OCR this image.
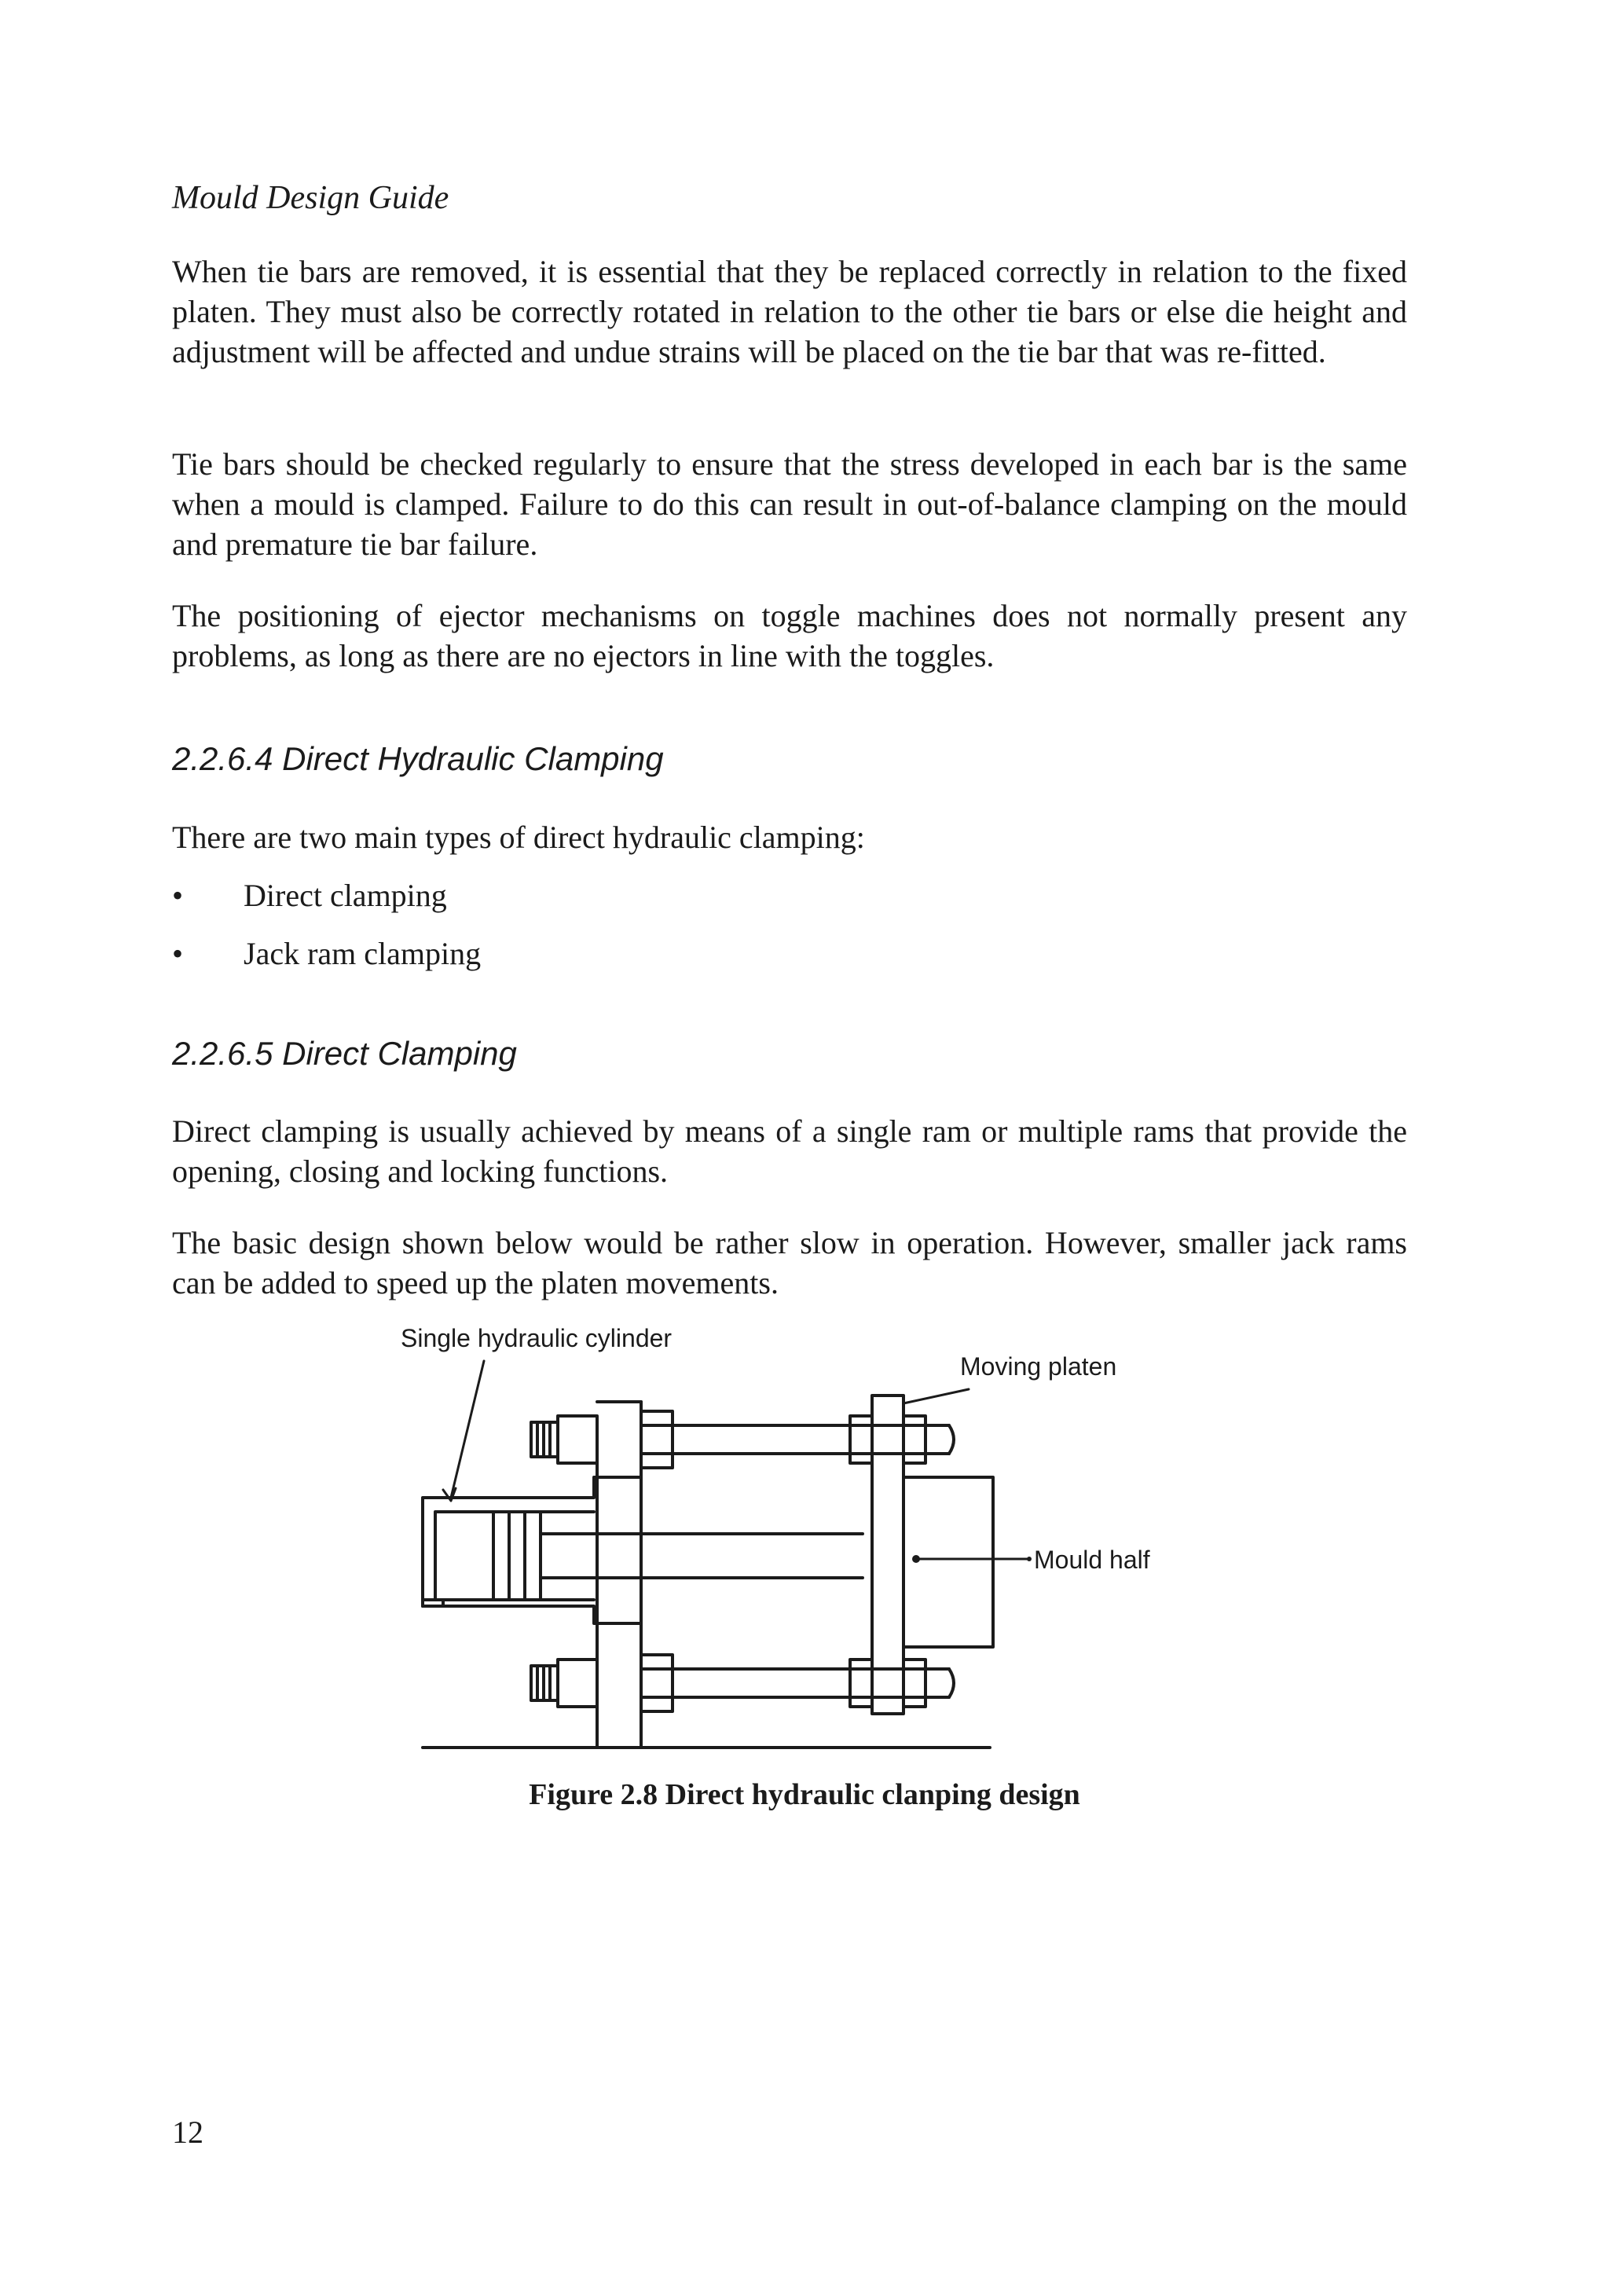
Mould Design Guide

When tie bars are removed, it is essential that they be replaced correctly in relation to the fixed platen. They must also be correctly rotated in relation to the other tie bars or else die height and adjustment will be affected and undue strains will be placed on the tie bar that was re-fitted.

Tie bars should be checked regularly to ensure that the stress developed in each bar is the same when a mould is clamped. Failure to do this can result in out-of-balance clamping on the mould and premature tie bar failure.

The positioning of ejector mechanisms on toggle machines does not normally present any problems, as long as there are no ejectors in line with the toggles.

2.2.6.4 Direct Hydraulic Clamping

There are two main types of direct hydraulic clamping:

•	Direct clamping
•	Jack ram clamping
2.2.6.5 Direct Clamping

Direct clamping is usually achieved by means of a single ram or multiple rams that provide the opening, closing and locking functions.

The basic design shown below would be rather slow in operation. However, smaller jack rams can be added to speed up the platen movements.

Single hydraulic cylinder
Moving platen
Mould half
Figure 2.8 Direct hydraulic clanping design
12
